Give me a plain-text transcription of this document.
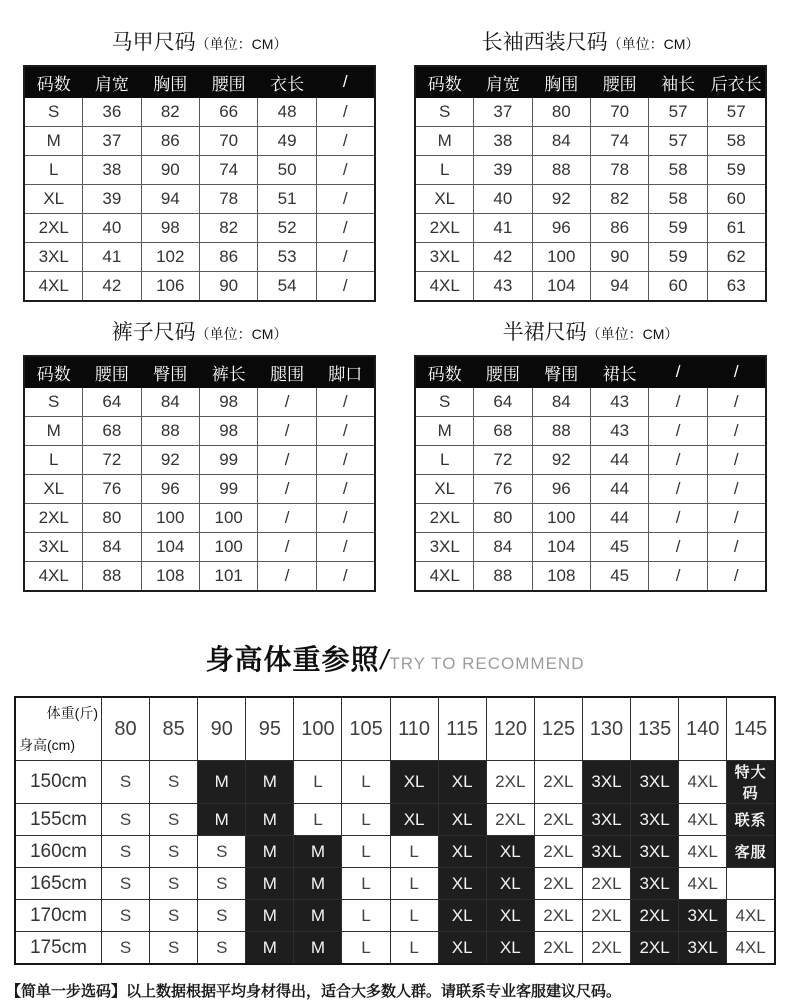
马甲尺码（单位：CM）
码数	肩宽	胸围	腰围	衣长	/
S	36	82	66	48	/
M	37	86	70	49	/
L	38	90	74	50	/
XL	39	94	78	51	/
2XL	40	98	82	52	/
3XL	41	102	86	53	/
4XL	42	106	90	54	/
长袖西装尺码（单位：CM）
码数	肩宽	胸围	腰围	袖长	后衣长
S	37	80	70	57	57
M	38	84	74	57	58
L	39	88	78	58	59
XL	40	92	82	58	60
2XL	41	96	86	59	61
3XL	42	100	90	59	62
4XL	43	104	94	60	63
裤子尺码（单位：CM）
码数	腰围	臀围	裤长	腿围	脚口
S	64	84	98	/	/
M	68	88	98	/	/
L	72	92	99	/	/
XL	76	96	99	/	/
2XL	80	100	100	/	/
3XL	84	104	100	/	/
4XL	88	108	101	/	/
半裙尺码（单位：CM）
码数	腰围	臀围	裙长	/	/
S	64	84	43	/	/
M	68	88	43	/	/
L	72	92	44	/	/
XL	76	96	44	/	/
2XL	80	100	44	/	/
3XL	84	104	45	/	/
4XL	88	108	45	/	/
身高体重参照/TRY TO RECOMMEND
体重(斤)
身高(cm)	80	85	90	95	100	105	110	115	120	125	130	135	140	145
150cm	S	S	M	M	L	L	XL	XL	2XL	2XL	3XL	3XL	4XL	特大码
155cm	S	S	M	M	L	L	XL	XL	2XL	2XL	3XL	3XL	4XL	联系
160cm	S	S	S	M	M	L	L	XL	XL	2XL	3XL	3XL	4XL	客服
165cm	S	S	S	M	M	L	L	XL	XL	2XL	2XL	3XL	4XL	
170cm	S	S	S	M	M	L	L	XL	XL	2XL	2XL	2XL	3XL	4XL
175cm	S	S	S	M	M	L	L	XL	XL	2XL	2XL	2XL	3XL	4XL
【简单一步选码】以上数据根据平均身材得出，适合大多数人群。请联系专业客服建议尺码。
